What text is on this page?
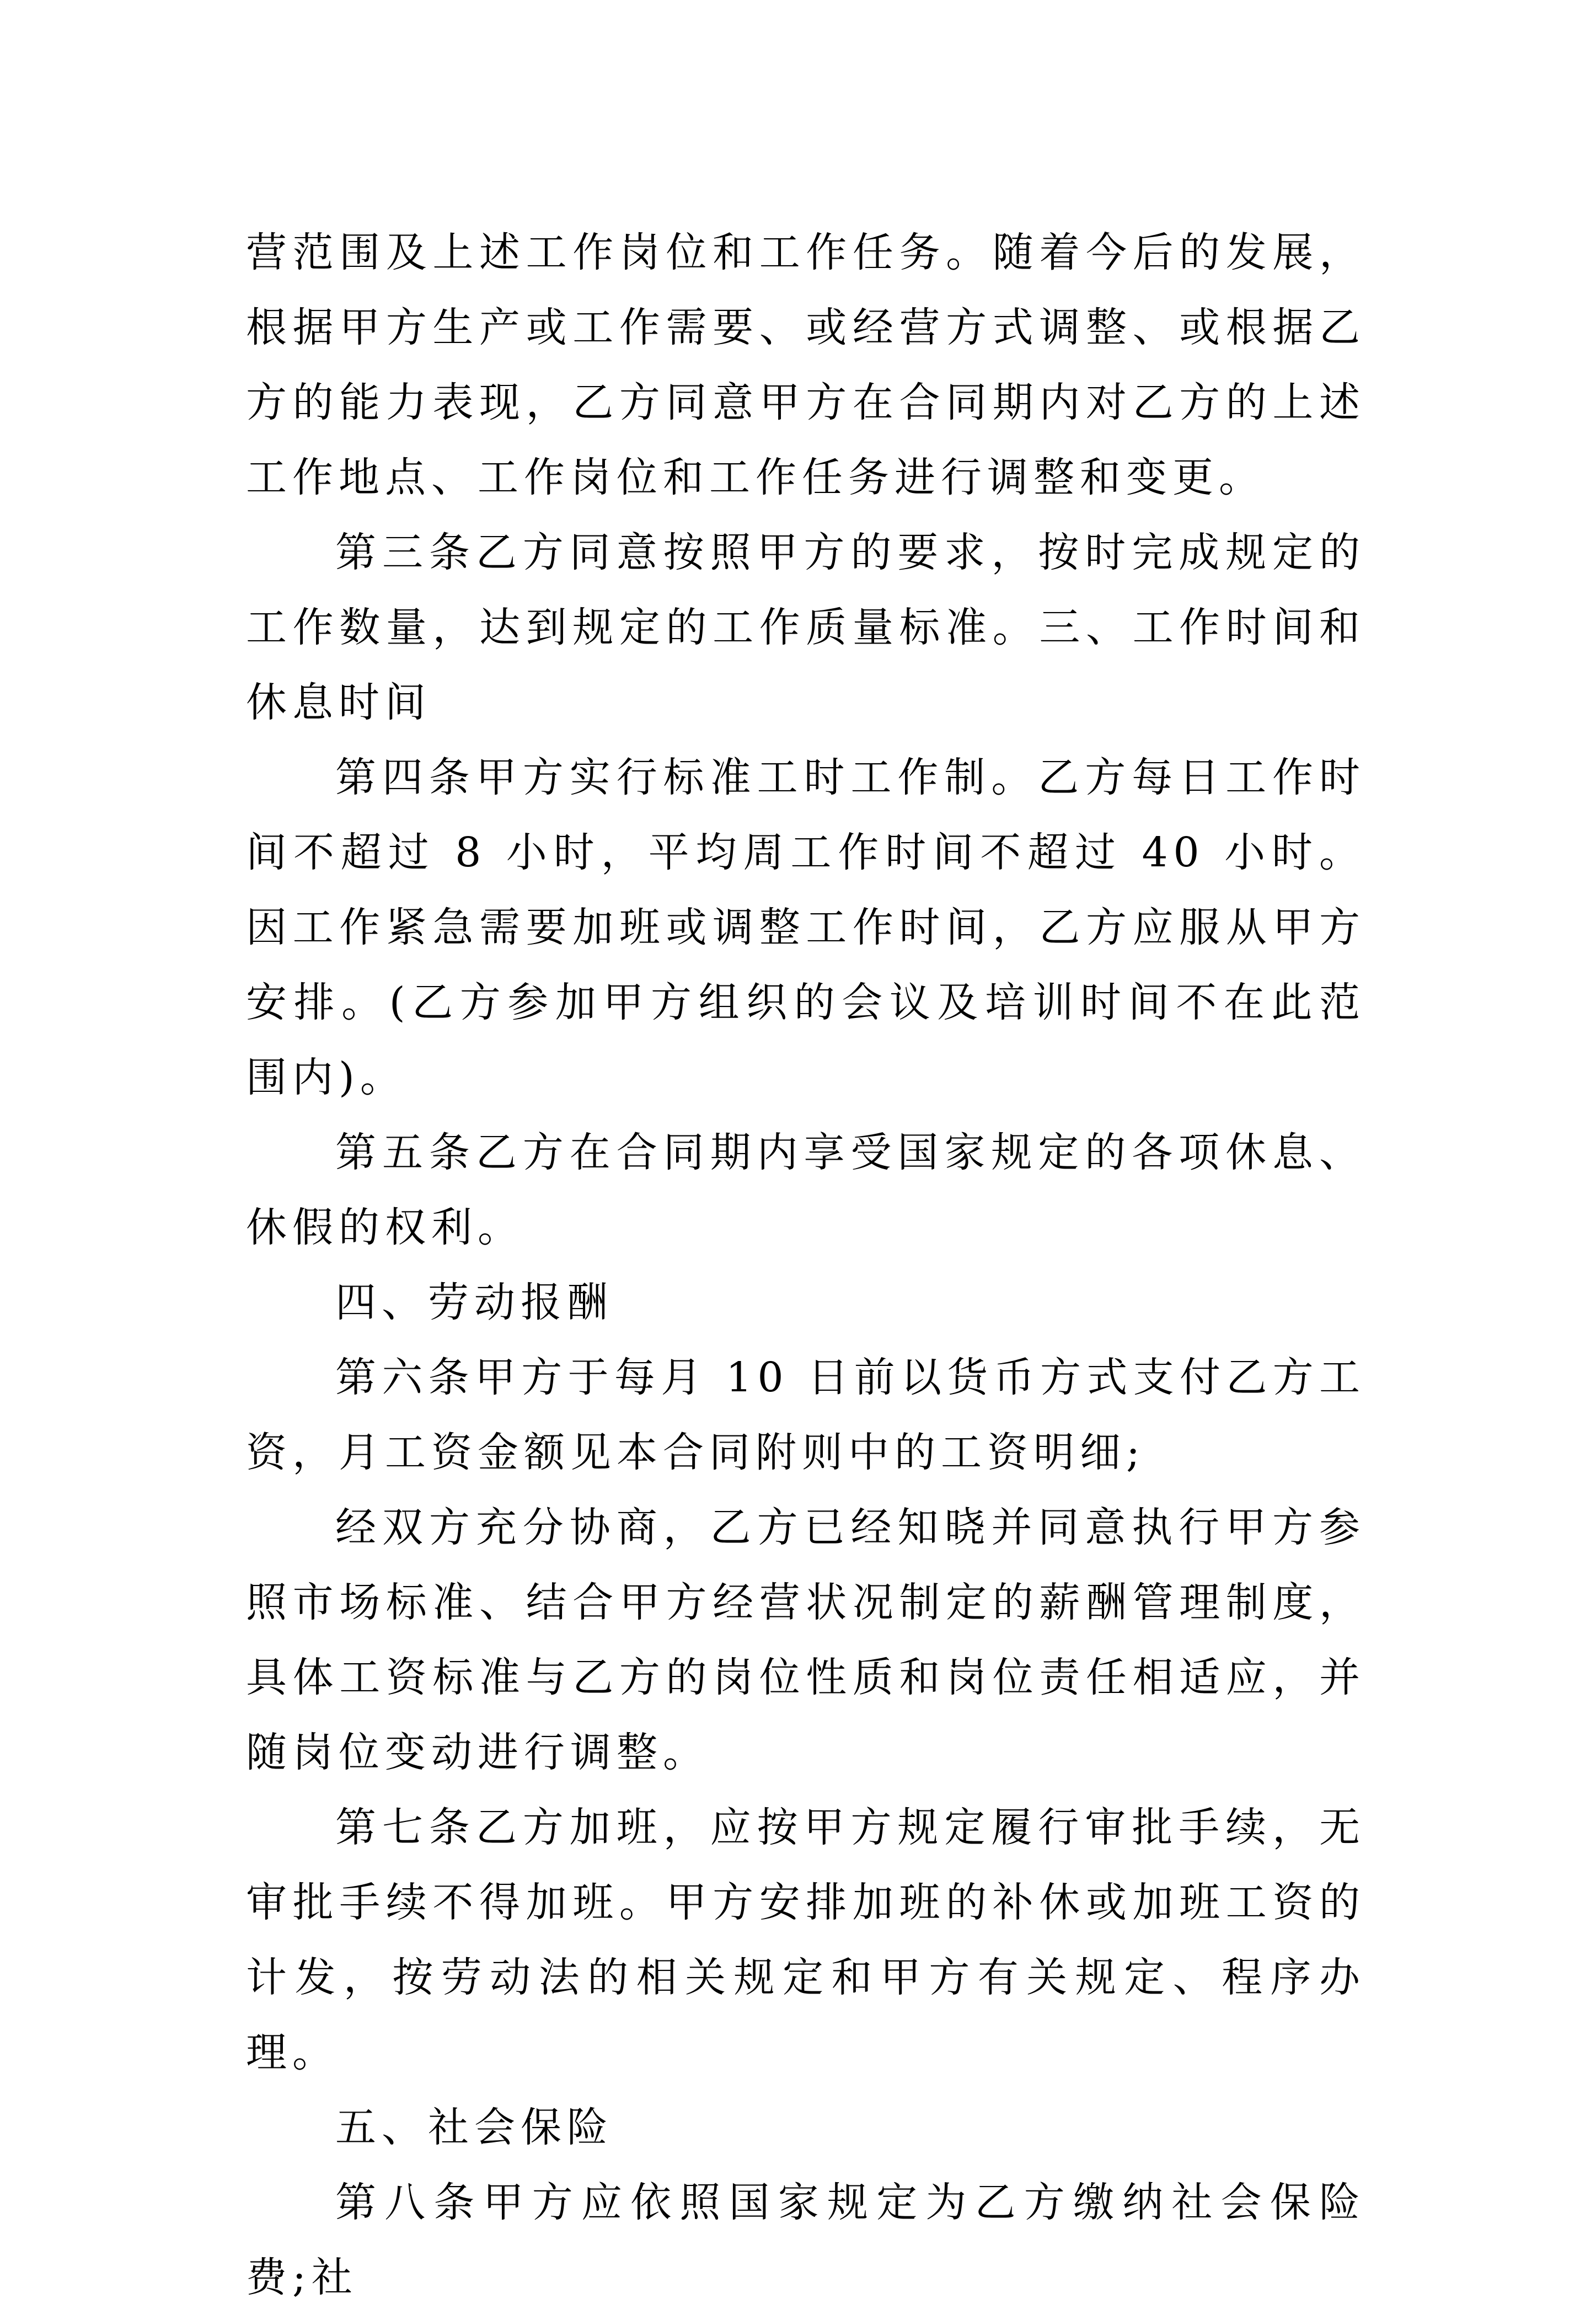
营范围及上述工作岗位和工作任务。随着今后的发展，根据甲方生产或工作需要、或经营方式调整、或根据乙方的能力表现，乙方同意甲方在合同期内对乙方的上述工作地点、工作岗位和工作任务进行调整和变更。

第三条乙方同意按照甲方的要求，按时完成规定的工作数量，达到规定的工作质量标准。三、工作时间和休息时间

第四条甲方实行标准工时工作制。乙方每日工作时间不超过 8 小时，平均周工作时间不超过 40 小时。因工作紧急需要加班或调整工作时间，乙方应服从甲方安排。(乙方参加甲方组织的会议及培训时间不在此范围内)。

第五条乙方在合同期内享受国家规定的各项休息、休假的权利。

四、劳动报酬

第六条甲方于每月 10 日前以货币方式支付乙方工资，月工资金额见本合同附则中的工资明细;

经双方充分协商，乙方已经知晓并同意执行甲方参照市场标准、结合甲方经营状况制定的薪酬管理制度，具体工资标准与乙方的岗位性质和岗位责任相适应，并随岗位变动进行调整。

第七条乙方加班，应按甲方规定履行审批手续，无审批手续不得加班。甲方安排加班的补休或加班工资的计发，按劳动法的相关规定和甲方有关规定、程序办理。

五、社会保险

第八条甲方应依照国家规定为乙方缴纳社会保险费;社
